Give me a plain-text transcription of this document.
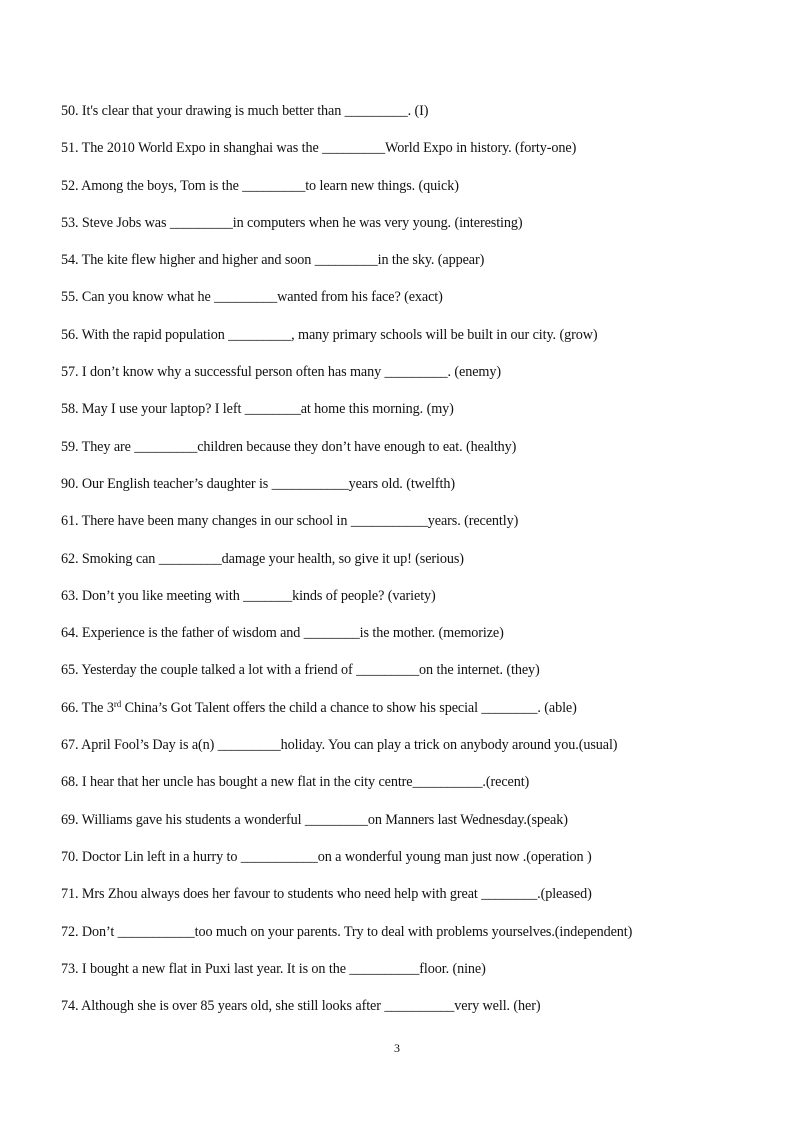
50. It's clear that your drawing is much better than _________. (I)
51. The 2010 World Expo in shanghai was the _________World Expo in history. (forty-one)
52. Among the boys, Tom is the _________to learn new things. (quick)
53. Steve Jobs was _________in computers when he was very young. (interesting)
54. The kite flew higher and higher and soon _________in the sky. (appear)
55. Can you know what he _________wanted from his face? (exact)
56. With the rapid population _________, many primary schools will be built in our city. (grow)
57. I don’t know why a successful person often has many _________. (enemy)
58. May I use your laptop? I left ________at home this morning. (my)
59. They are _________children because they don’t have enough to eat. (healthy)
90. Our English teacher’s daughter is ___________years old. (twelfth)
61. There have been many changes in our school in ___________years. (recently)
62. Smoking can _________damage your health, so give it up! (serious)
63. Don’t you like meeting with _______kinds of people? (variety)
64. Experience is the father of wisdom and ________is the mother. (memorize)
65. Yesterday the couple talked a lot with a friend of _________on the internet. (they)
66. The 3rd China’s Got Talent offers the child a chance to show his special ________. (able)
67. April Fool’s Day is a(n) _________holiday. You can play a trick on anybody around you.(usual)
68. I hear that her uncle has bought a new flat in the city centre__________.(recent)
69. Williams gave his students a wonderful _________on Manners last Wednesday.(speak)
70. Doctor Lin left in a hurry to ___________on a wonderful young man just now .(operation )
71. Mrs Zhou always does her favour to students who need help with great ________.(pleased)
72. Don’t ___________too much on your parents. Try to deal with problems yourselves.(independent)
73. I bought a new flat in Puxi last year. It is on the __________floor. (nine)
74. Although she is over 85 years old, she still looks after __________very well. (her)
3
